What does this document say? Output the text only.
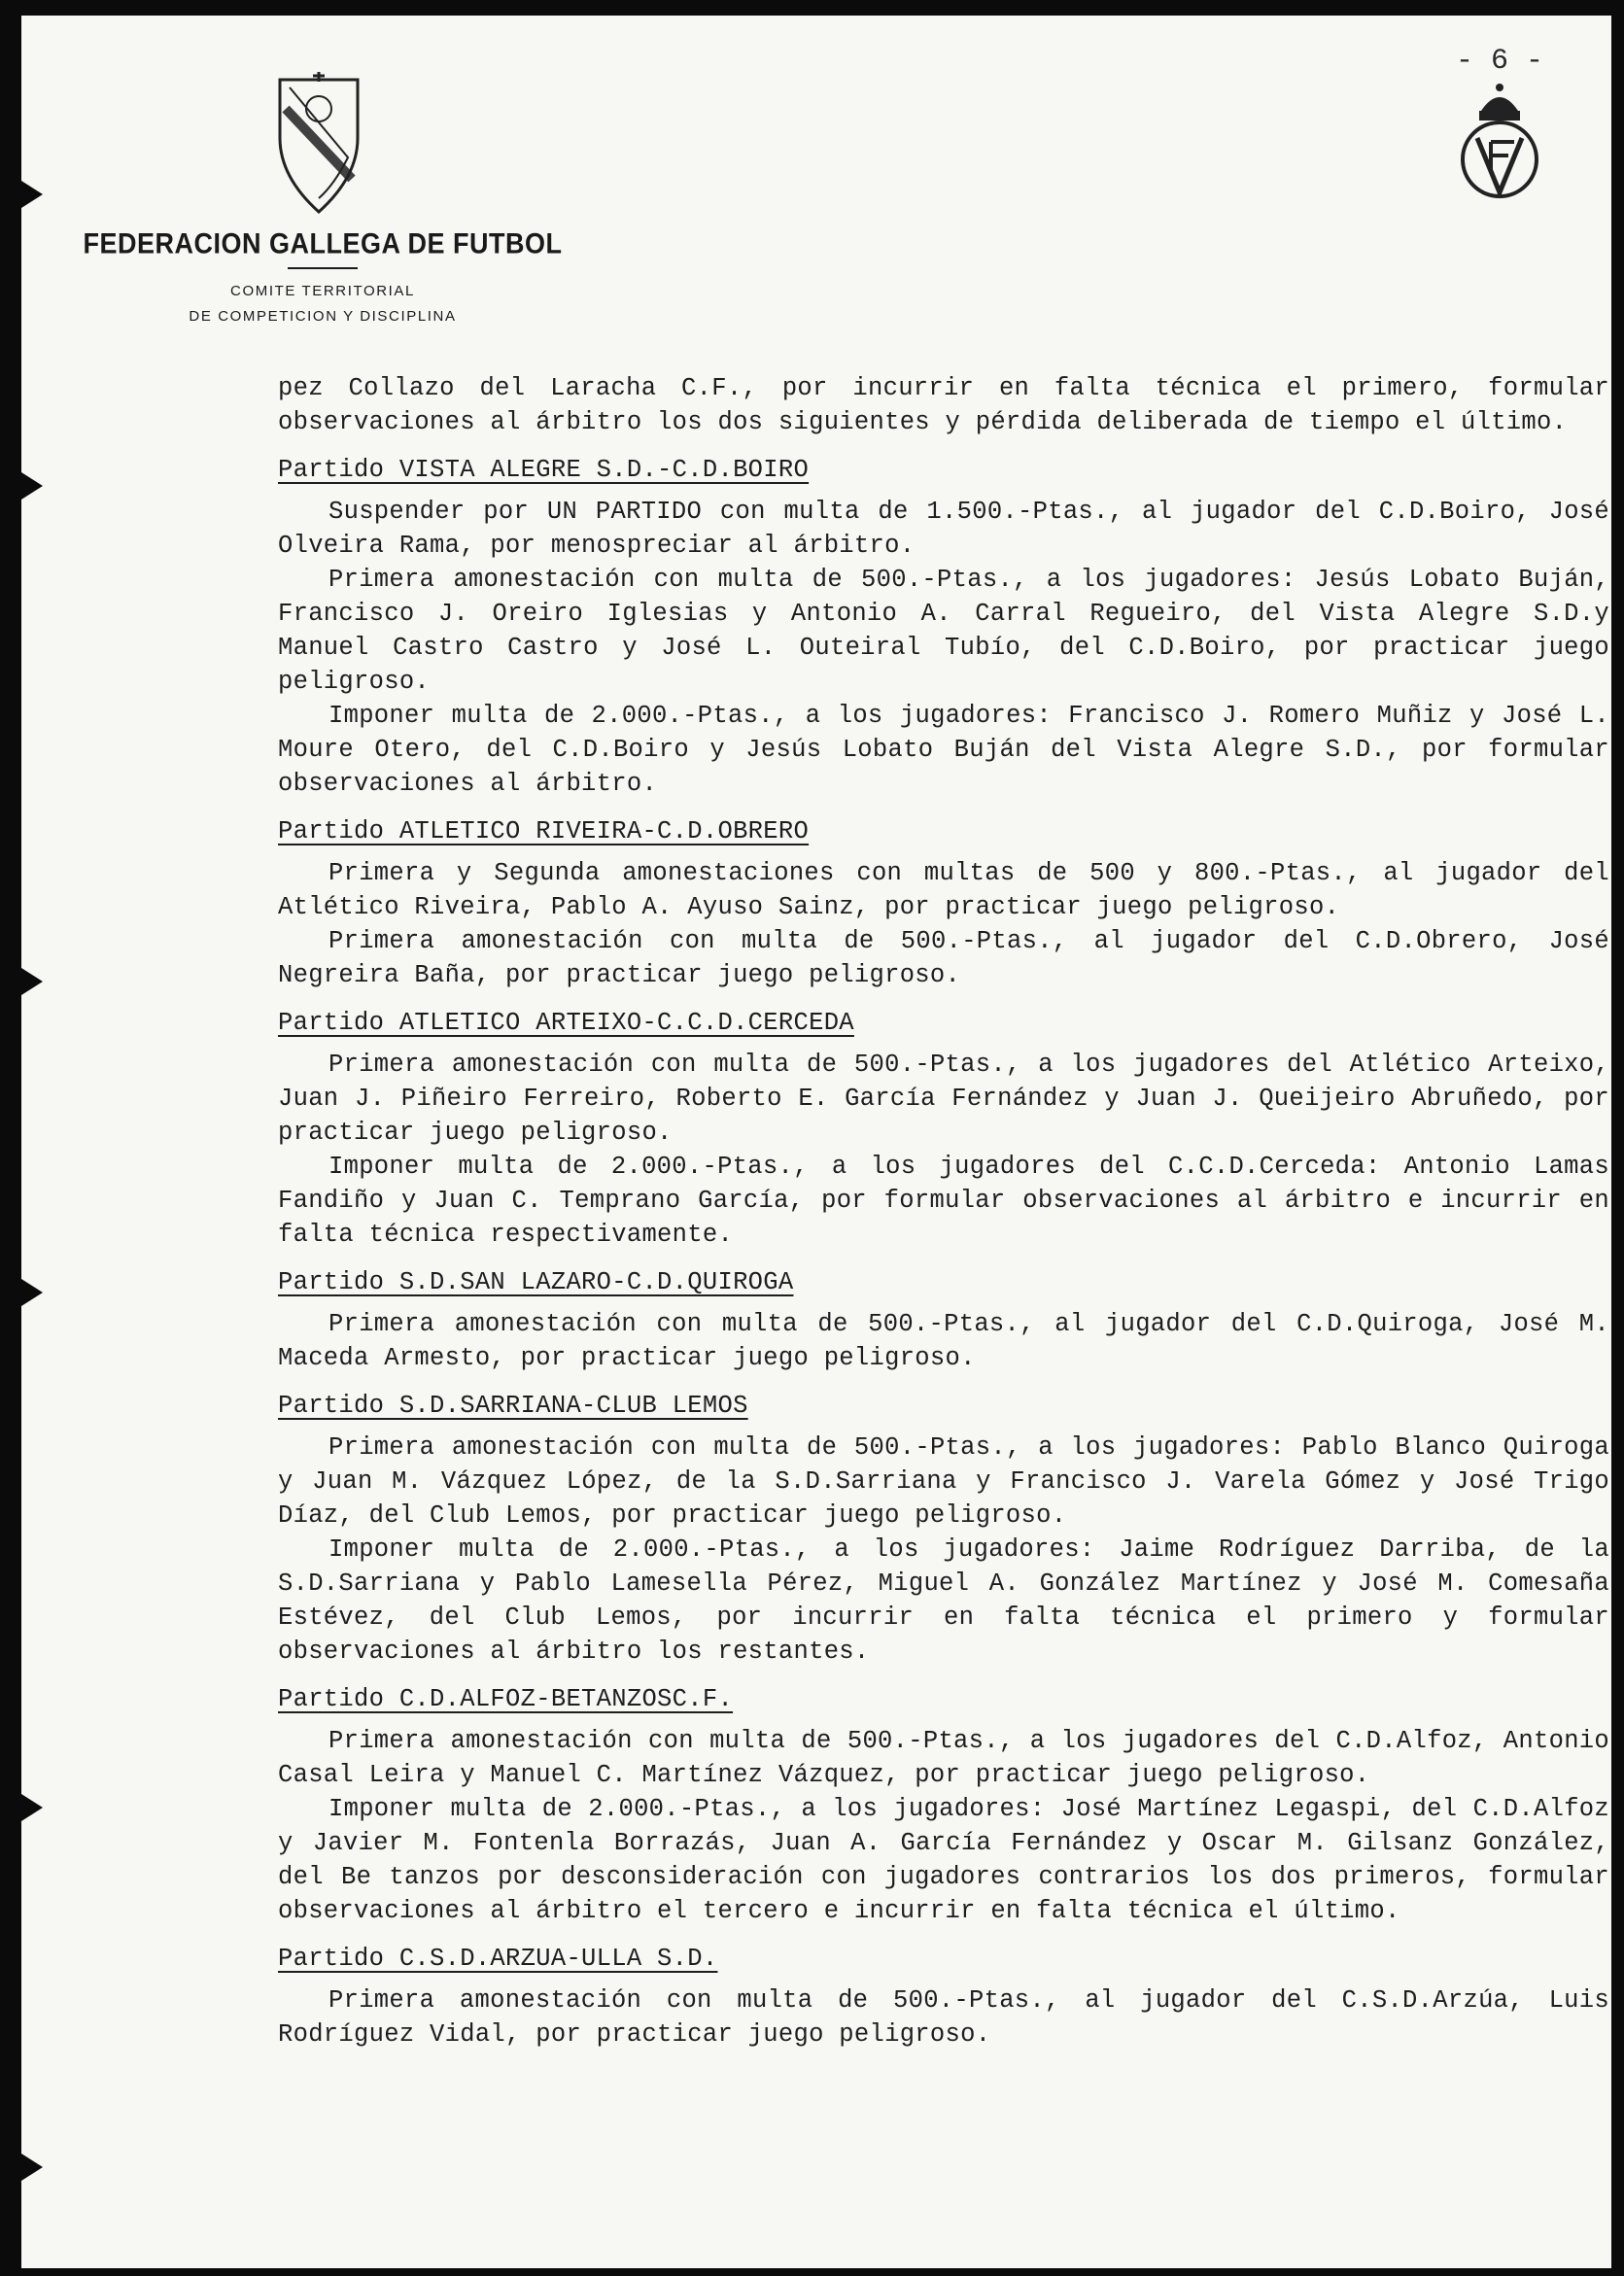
- 6 -
FEDERACION GALLEGA DE FUTBOL
COMITE TERRITORIAL
DE COMPETICION Y DISCIPLINA

pez Collazo del Laracha C.F., por incurrir en falta técnica el primero, formular observaciones al árbitro los dos siguientes y pérdida deliberada de tiempo el último.

Partido VISTA ALEGRE S.D.-C.D.BOIRO

Suspender por UN PARTIDO con multa de 1.500.-Ptas., al jugador del C.D.Boiro, José Olveira Rama, por menospreciar al árbitro.

Primera amonestación con multa de 500.-Ptas., a los jugadores: Jesús Lobato Buján, Francisco J. Oreiro Iglesias y Antonio A. Carral Regueiro, del Vista Alegre S.D.y Manuel Castro Castro y José L. Outeiral Tubío, del C.D.Boiro, por practicar juego peligroso.

Imponer multa de 2.000.-Ptas., a los jugadores: Francisco J. Romero Muñiz y José L. Moure Otero, del C.D.Boiro y Jesús Lobato Buján del Vista Alegre S.D., por formular observaciones al árbitro.

Partido ATLETICO RIVEIRA-C.D.OBRERO

Primera y Segunda amonestaciones con multas de 500 y 800.-Ptas., al jugador del Atlético Riveira, Pablo A. Ayuso Sainz, por practicar juego peligroso.

Primera amonestación con multa de 500.-Ptas., al jugador del C.D.Obrero, José Negreira Baña, por practicar juego peligroso.

Partido ATLETICO ARTEIXO-C.C.D.CERCEDA

Primera amonestación con multa de 500.-Ptas., a los jugadores del Atlético Arteixo, Juan J. Piñeiro Ferreiro, Roberto E. García Fernández y Juan J. Queijeiro Abruñedo, por practicar juego peligroso.

Imponer multa de 2.000.-Ptas., a los jugadores del C.C.D.Cerceda: Antonio Lamas Fandiño y Juan C. Temprano García, por formular observaciones al árbitro e incurrir en falta técnica respectivamente.

Partido S.D.SAN LAZARO-C.D.QUIROGA

Primera amonestación con multa de 500.-Ptas., al jugador del C.D.Quiroga, José M. Maceda Armesto, por practicar juego peligroso.

Partido S.D.SARRIANA-CLUB LEMOS

Primera amonestación con multa de 500.-Ptas., a los jugadores: Pablo Blanco Quiroga y Juan M. Vázquez López, de la S.D.Sarriana y Francisco J. Varela Gómez y José Trigo Díaz, del Club Lemos, por practicar juego peligroso.

Imponer multa de 2.000.-Ptas., a los jugadores: Jaime Rodríguez Darriba, de la S.D.Sarriana y Pablo Lamesella Pérez, Miguel A. González Martínez y José M. Comesaña Estévez, del Club Lemos, por incurrir en falta técnica el primero y formular observaciones al árbitro los restantes.

Partido C.D.ALFOZ-BETANZOSC.F.

Primera amonestación con multa de 500.-Ptas., a los jugadores del C.D.Alfoz, Antonio Casal Leira y Manuel C. Martínez Vázquez, por practicar juego peligroso.

Imponer multa de 2.000.-Ptas., a los jugadores: José Martínez Legaspi, del C.D.Alfoz y Javier M. Fontenla Borrazás, Juan A. García Fernández y Oscar M. Gilsanz González, del Be tanzos por desconsideración con jugadores contrarios los dos primeros, formular observaciones al árbitro el tercero e incurrir en falta técnica el último.

Partido C.S.D.ARZUA-ULLA S.D.

Primera amonestación con multa de 500.-Ptas., al jugador del C.S.D.Arzúa, Luis Rodríguez Vidal, por practicar juego peligroso.
